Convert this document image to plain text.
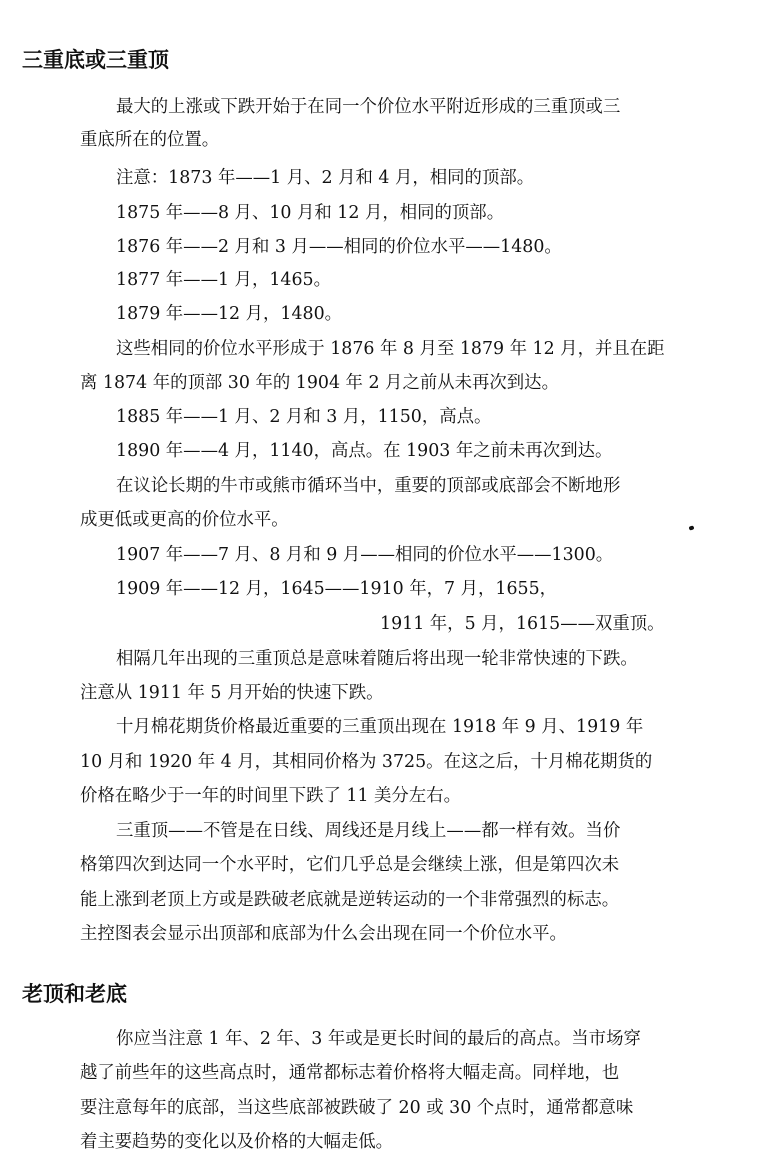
三重底或三重顶
最大的上涨或下跌开始于在同一个价位水平附近形成的三重顶或三
重底所在的位置。
注意：1873 年——1 月、2 月和 4 月，相同的顶部。
1875 年——8 月、10 月和 12 月，相同的顶部。
1876 年——2 月和 3 月——相同的价位水平——1480。
1877 年——1 月，1465。
1879 年——12 月，1480。
这些相同的价位水平形成于 1876 年 8 月至 1879 年 12 月，并且在距
离 1874 年的顶部 30 年的 1904 年 2 月之前从未再次到达。
1885 年——1 月、2 月和 3 月，1150，高点。
1890 年——4 月，1140，高点。在 1903 年之前未再次到达。
在议论长期的牛市或熊市循环当中，重要的顶部或底部会不断地形
成更低或更高的价位水平。
1907 年——7 月、8 月和 9 月——相同的价位水平——1300。
1909 年——12 月，1645——1910 年，7 月，1655，
1911 年，5 月，1615——双重顶。
相隔几年出现的三重顶总是意味着随后将出现一轮非常快速的下跌。
注意从 1911 年 5 月开始的快速下跌。
十月棉花期货价格最近重要的三重顶出现在 1918 年 9 月、1919 年
10 月和 1920 年 4 月，其相同价格为 3725。在这之后，十月棉花期货的
价格在略少于一年的时间里下跌了 11 美分左右。
三重顶——不管是在日线、周线还是月线上——都一样有效。当价
格第四次到达同一个水平时，它们几乎总是会继续上涨，但是第四次未
能上涨到老顶上方或是跌破老底就是逆转运动的一个非常强烈的标志。
主控图表会显示出顶部和底部为什么会出现在同一个价位水平。
老顶和老底
你应当注意 1 年、2 年、3 年或是更长时间的最后的高点。当市场穿
越了前些年的这些高点时，通常都标志着价格将大幅走高。同样地，也
要注意每年的底部，当这些底部被跌破了 20 或 30 个点时，通常都意味
着主要趋势的变化以及价格的大幅走低。
